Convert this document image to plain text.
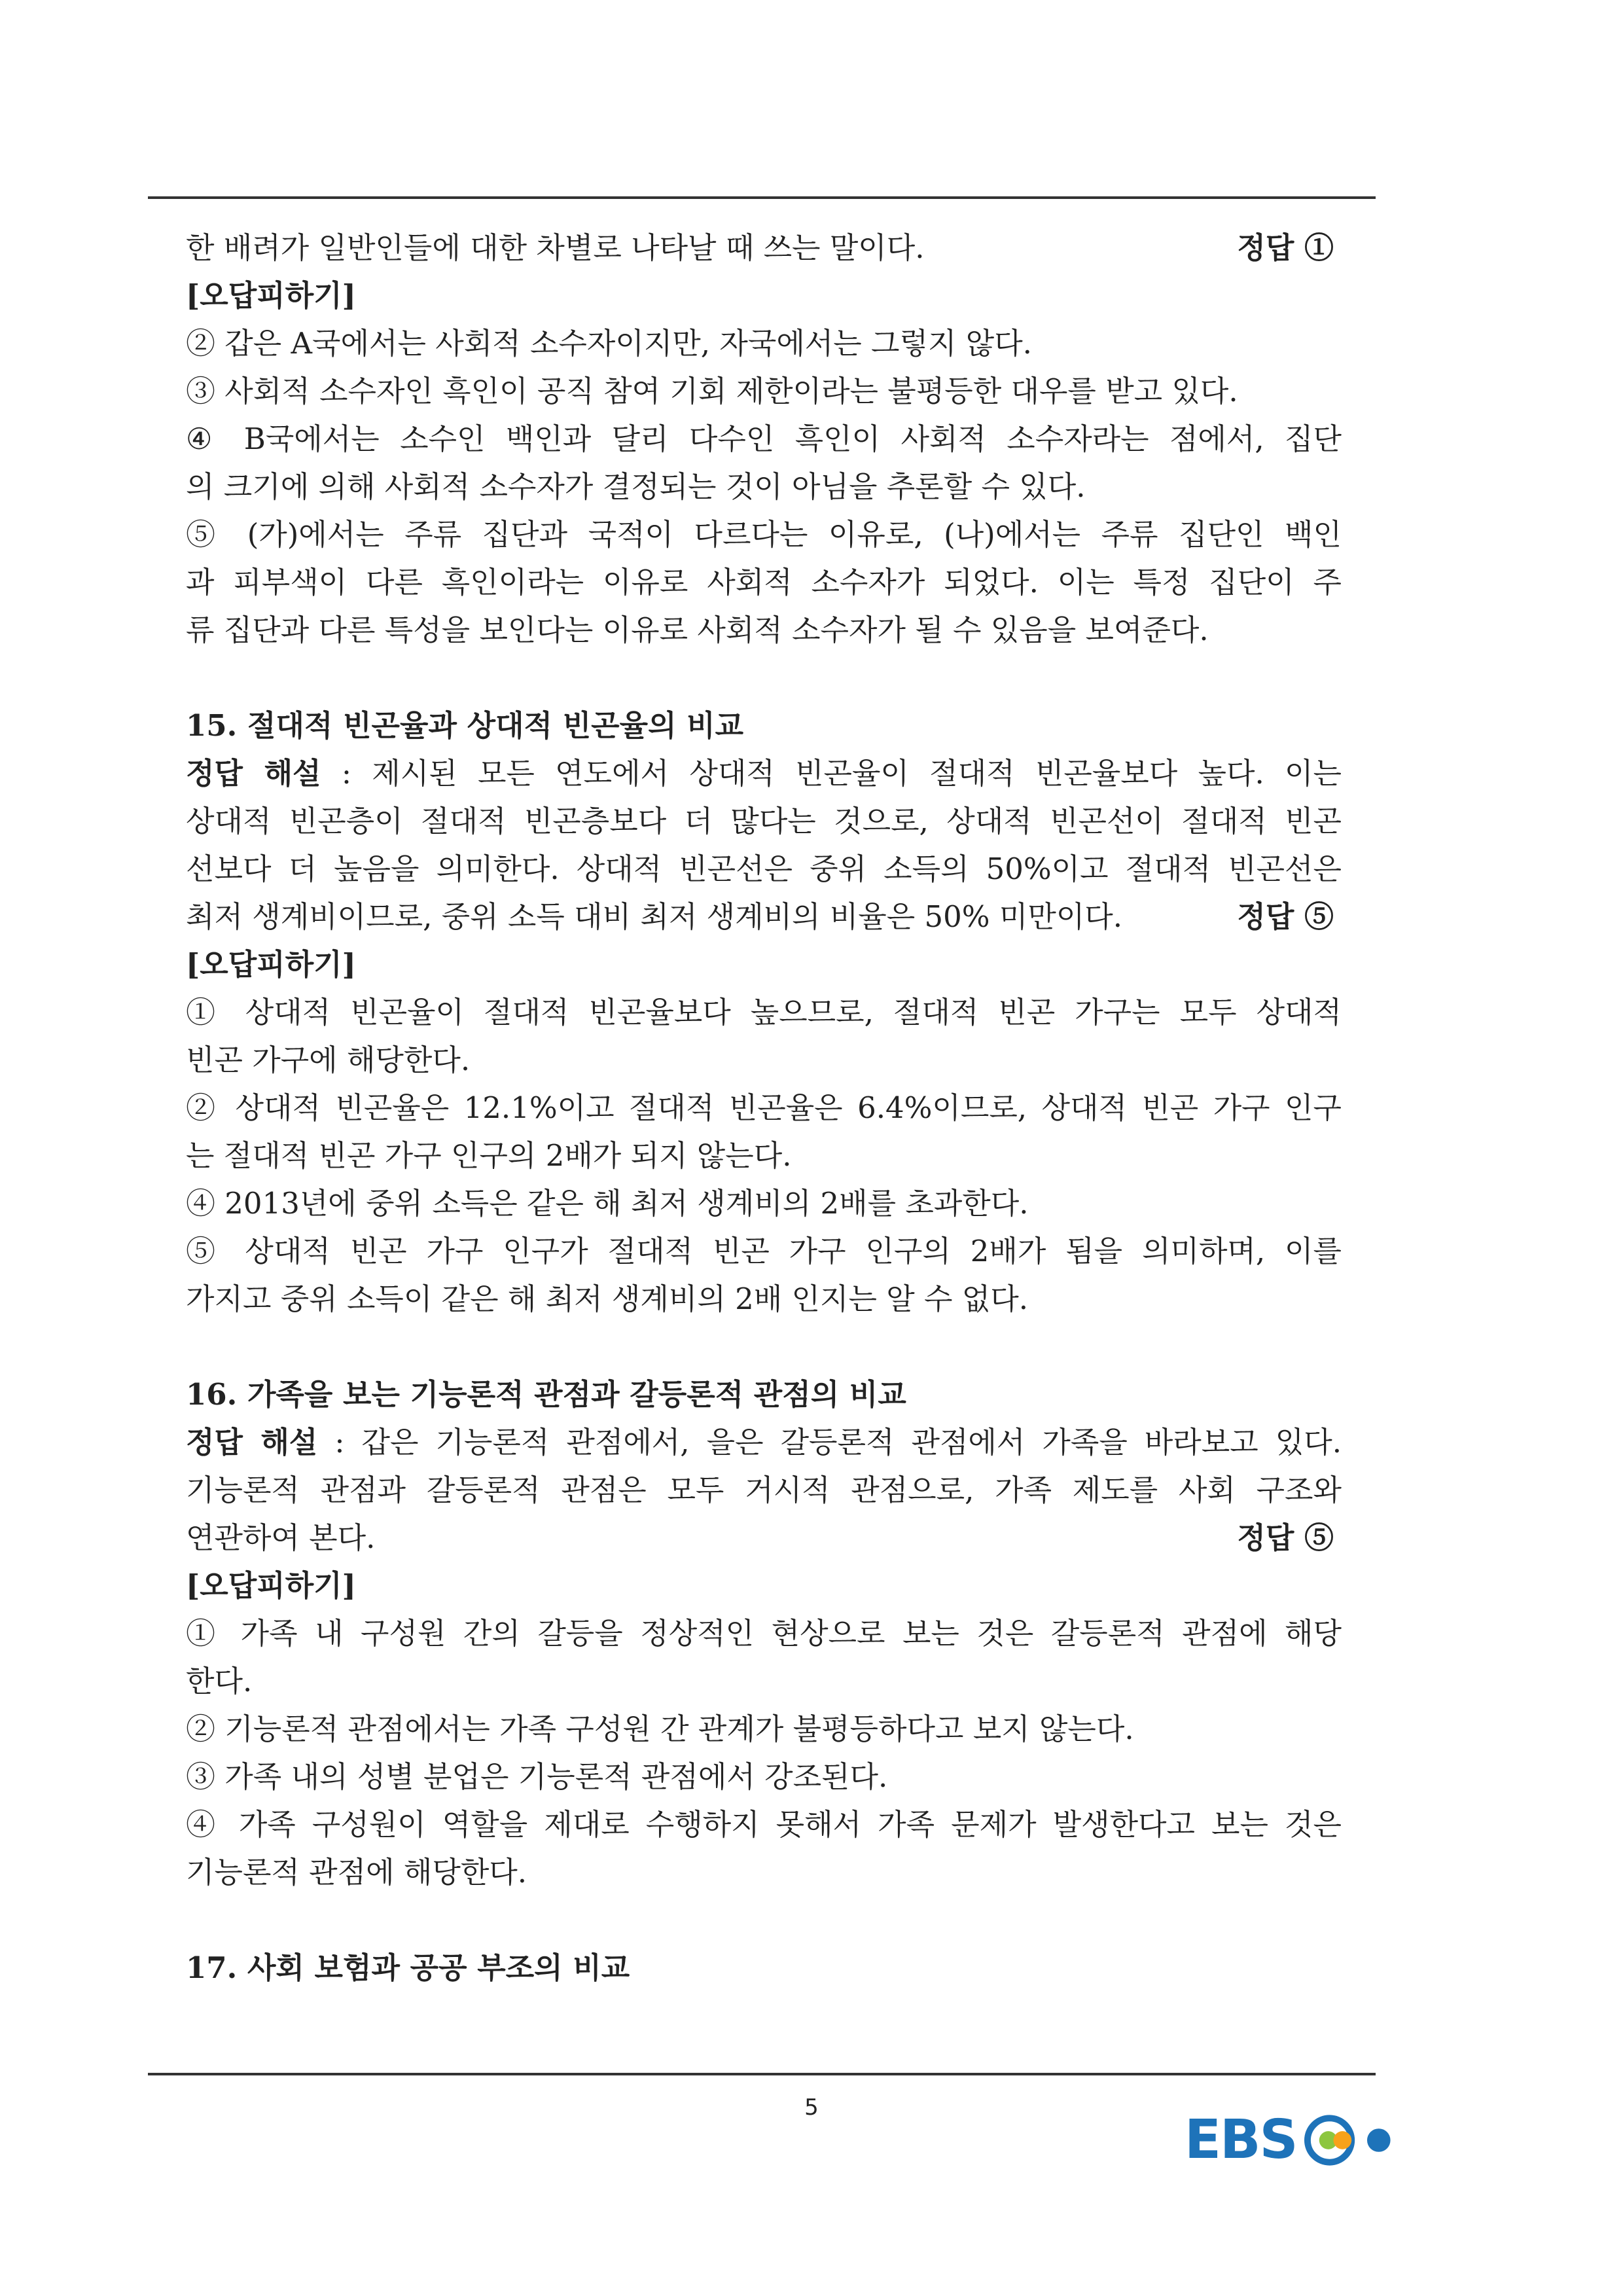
한 배려가 일반인들에 대한 차별로 나타날 때 쓰는 말이다.	정답 ①
[오답피하기]
② 갑은 A국에서는 사회적 소수자이지만, 자국에서는 그렇지 않다.
③ 사회적 소수자인 흑인이 공직 참여 기회 제한이라는 불평등한 대우를 받고 있다.
④ B국에서는 소수인 백인과 달리 다수인 흑인이 사회적 소수자라는 점에서, 집단
의 크기에 의해 사회적 소수자가 결정되는 것이 아님을 추론할 수 있다.
⑤ (가)에서는 주류 집단과 국적이 다르다는 이유로, (나)에서는 주류 집단인 백인
과 피부색이 다른 흑인이라는 이유로 사회적 소수자가 되었다. 이는 특정 집단이 주
류 집단과 다른 특성을 보인다는 이유로 사회적 소수자가 될 수 있음을 보여준다.
15. 절대적 빈곤율과 상대적 빈곤율의 비교
정답 해설 : 제시된 모든 연도에서 상대적 빈곤율이 절대적 빈곤율보다 높다. 이는
상대적 빈곤층이 절대적 빈곤층보다 더 많다는 것으로, 상대적 빈곤선이 절대적 빈곤
선보다 더 높음을 의미한다. 상대적 빈곤선은 중위 소득의 50%이고 절대적 빈곤선은
최저 생계비이므로, 중위 소득 대비 최저 생계비의 비율은 50% 미만이다.	정답 ⑤
[오답피하기]
① 상대적 빈곤율이 절대적 빈곤율보다 높으므로, 절대적 빈곤 가구는 모두 상대적
빈곤 가구에 해당한다.
② 상대적 빈곤율은 12.1%이고 절대적 빈곤율은 6.4%이므로, 상대적 빈곤 가구 인구
는 절대적 빈곤 가구 인구의 2배가 되지 않는다.
④ 2013년에 중위 소득은 같은 해 최저 생계비의 2배를 초과한다.
⑤ 상대적 빈곤 가구 인구가 절대적 빈곤 가구 인구의 2배가 됨을 의미하며, 이를
가지고 중위 소득이 같은 해 최저 생계비의 2배 인지는 알 수 없다.
16. 가족을 보는 기능론적 관점과 갈등론적 관점의 비교
정답 해설 : 갑은 기능론적 관점에서, 을은 갈등론적 관점에서 가족을 바라보고 있다.
기능론적 관점과 갈등론적 관점은 모두 거시적 관점으로, 가족 제도를 사회 구조와
연관하여 본다.	정답 ⑤
[오답피하기]
① 가족 내 구성원 간의 갈등을 정상적인 현상으로 보는 것은 갈등론적 관점에 해당
한다.
② 기능론적 관점에서는 가족 구성원 간 관계가 불평등하다고 보지 않는다.
③ 가족 내의 성별 분업은 기능론적 관점에서 강조된다.
④ 가족 구성원이 역할을 제대로 수행하지 못해서 가족 문제가 발생한다고 보는 것은
기능론적 관점에 해당한다.
17. 사회 보험과 공공 부조의 비교
5
EBS
